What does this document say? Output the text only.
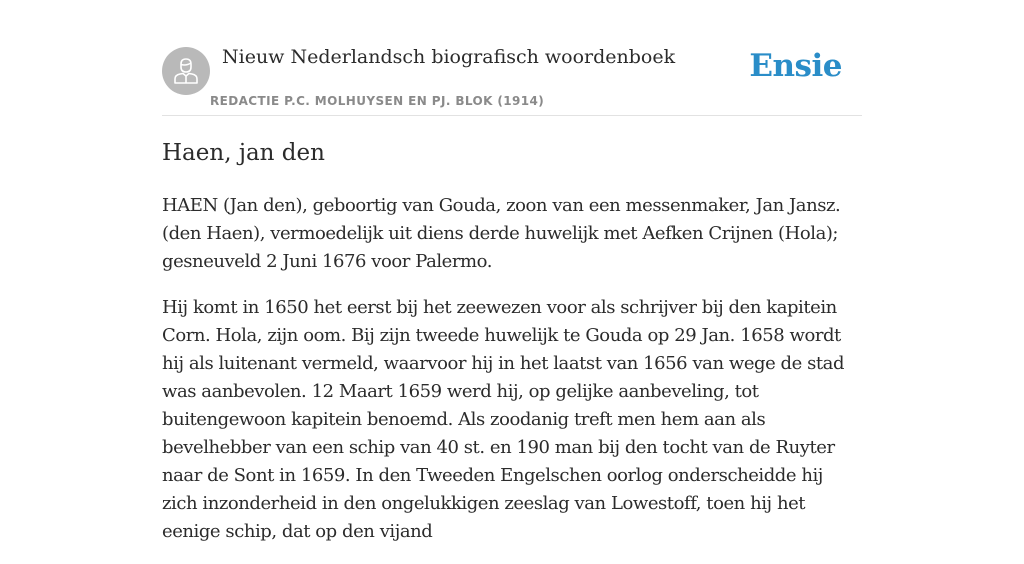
Nieuw Nederlandsch biografisch woordenboek
REDACTIE P.C. MOLHUYSEN EN PJ. BLOK (1914)
Ensie
Haen, jan den

HAEN (Jan den), geboortig van Gouda, zoon van een messenmaker, Jan Jansz. (den Haen), vermoedelijk uit diens derde huwelijk met Aefken Crijnen (Hola); gesneuveld 2 Juni 1676 voor Palermo.

Hij komt in 1650 het eerst bij het zeewezen voor als schrijver bij den kapitein Corn. Hola, zijn oom. Bij zijn tweede huwelijk te Gouda op 29 Jan. 1658 wordt hij als luitenant vermeld, waarvoor hij in het laatst van 1656 van wege de stad was aanbevolen. 12 Maart 1659 werd hij, op gelijke aanbeveling, tot buitengewoon kapitein benoemd. Als zoodanig treft men hem aan als bevelhebber van een schip van 40 st. en 190 man bij den tocht van de Ruyter naar de Sont in 1659. In den Tweeden Engelschen oorlog onderscheidde hij zich inzonderheid in den ongelukkigen zeeslag van Lowestoff, toen hij het eenige schip, dat op den vijand
